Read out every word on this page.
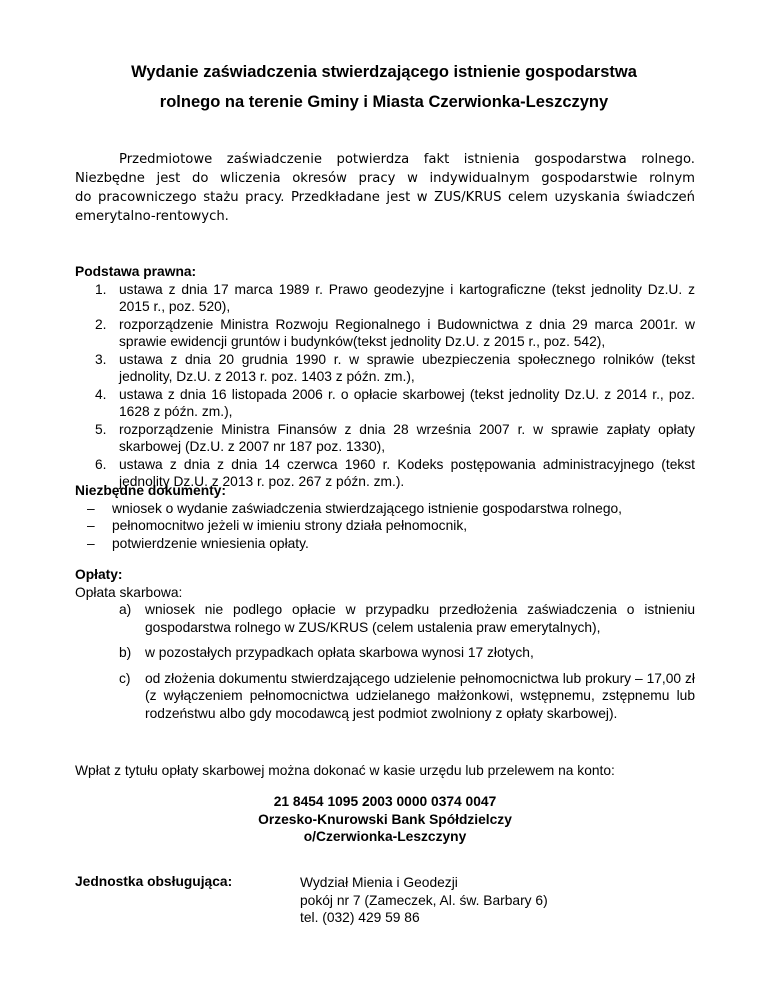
Wydanie zaświadczenia stwierdzającego istnienie gospodarstwa
rolnego na terenie Gminy i Miasta Czerwionka-Leszczyny
Przedmiotowe zaświadczenie potwierdza fakt istnienia gospodarstwa rolnego.
Niezbędne jest do wliczenia okresów pracy w indywidualnym gospodarstwie rolnym
do pracowniczego stażu pracy. Przedkładane jest w ZUS/KRUS celem uzyskania świadczeń
emerytalno-rentowych.
Podstawa prawna:
1. ustawa z dnia 17 marca 1989 r. Prawo geodezyjne i kartograficzne (tekst jednolity Dz.U. z 2015 r., poz. 520),
2. rozporządzenie Ministra Rozwoju Regionalnego i Budownictwa z dnia 29 marca 2001r. w sprawie ewidencji gruntów i budynków(tekst jednolity Dz.U. z 2015 r., poz. 542),
3. ustawa z dnia 20 grudnia 1990 r. w sprawie ubezpieczenia społecznego rolników (tekst jednolity, Dz.U. z 2013 r. poz. 1403 z późn. zm.),
4. ustawa z dnia 16 listopada 2006 r. o opłacie skarbowej (tekst jednolity Dz.U. z 2014 r., poz. 1628 z późn. zm.),
5. rozporządzenie Ministra Finansów z dnia 28 września 2007 r. w sprawie zapłaty opłaty skarbowej (Dz.U. z 2007 nr 187 poz. 1330),
6. ustawa z dnia z dnia 14 czerwca 1960 r. Kodeks postępowania administracyjnego (tekst jednolity Dz.U. z 2013 r. poz. 267 z późn. zm.).
Niezbędne dokumenty:
– wniosek o wydanie zaświadczenia stwierdzającego istnienie gospodarstwa rolnego,
– pełnomocnitwo jeżeli w imieniu strony działa pełnomocnik,
– potwierdzenie wniesienia opłaty.
Opłaty:
Opłata skarbowa:
a) wniosek nie podlego opłacie w przypadku przedłożenia zaświadczenia o istnieniu gospodarstwa rolnego w ZUS/KRUS (celem ustalenia praw emerytalnych),
b) w pozostałych przypadkach opłata skarbowa wynosi 17 złotych,
c) od złożenia dokumentu stwierdzającego udzielenie pełnomocnictwa lub prokury – 17,00 zł (z wyłączeniem pełnomocnictwa udzielanego małżonkowi, wstępnemu, zstępnemu lub rodzeństwu albo gdy mocodawcą jest podmiot zwolniony z opłaty skarbowej).
Wpłat z tytułu opłaty skarbowej można dokonać w kasie urzędu lub przelewem na konto:
21 8454 1095 2003 0000 0374 0047
Orzesko-Knurowski Bank Spółdzielczy
o/Czerwionka-Leszczyny
Jednostka obsługująca:	Wydział Mienia i Geodezji
pokój nr 7 (Zameczek, Al. św. Barbary 6)
tel. (032) 429 59 86
